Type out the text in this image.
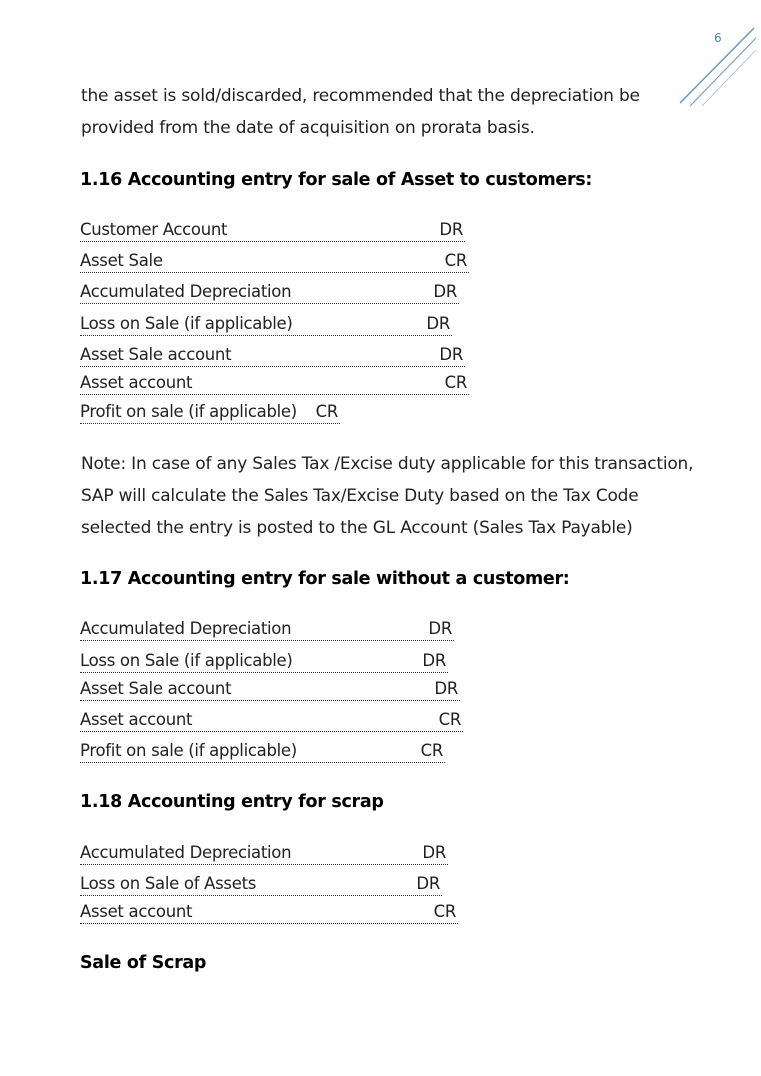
6

the asset is sold/discarded, recommended that the depreciation be

provided from the date of acquisition on prorata basis.

1.16 Accounting entry for sale of Asset to customers:
Customer Account	DR
Asset Sale	CR
Accumulated Depreciation	DR
Loss on Sale (if applicable)	DR
Asset Sale account	DR
Asset account	CR
Profit on sale (if applicable) CR

Note: In case of any Sales Tax /Excise duty applicable for this transaction,

SAP will calculate the Sales Tax/Excise Duty based on the Tax Code

selected the entry is posted to the GL Account (Sales Tax Payable)

1.17 Accounting entry for sale without a customer:
Accumulated Depreciation	DR
Loss on Sale (if applicable)	DR
Asset Sale account	DR
Asset account	CR
Profit on sale (if applicable)	CR
1.18 Accounting entry for scrap
Accumulated Depreciation	DR
Loss on Sale of Assets	DR
Asset account	CR
Sale of Scrap
